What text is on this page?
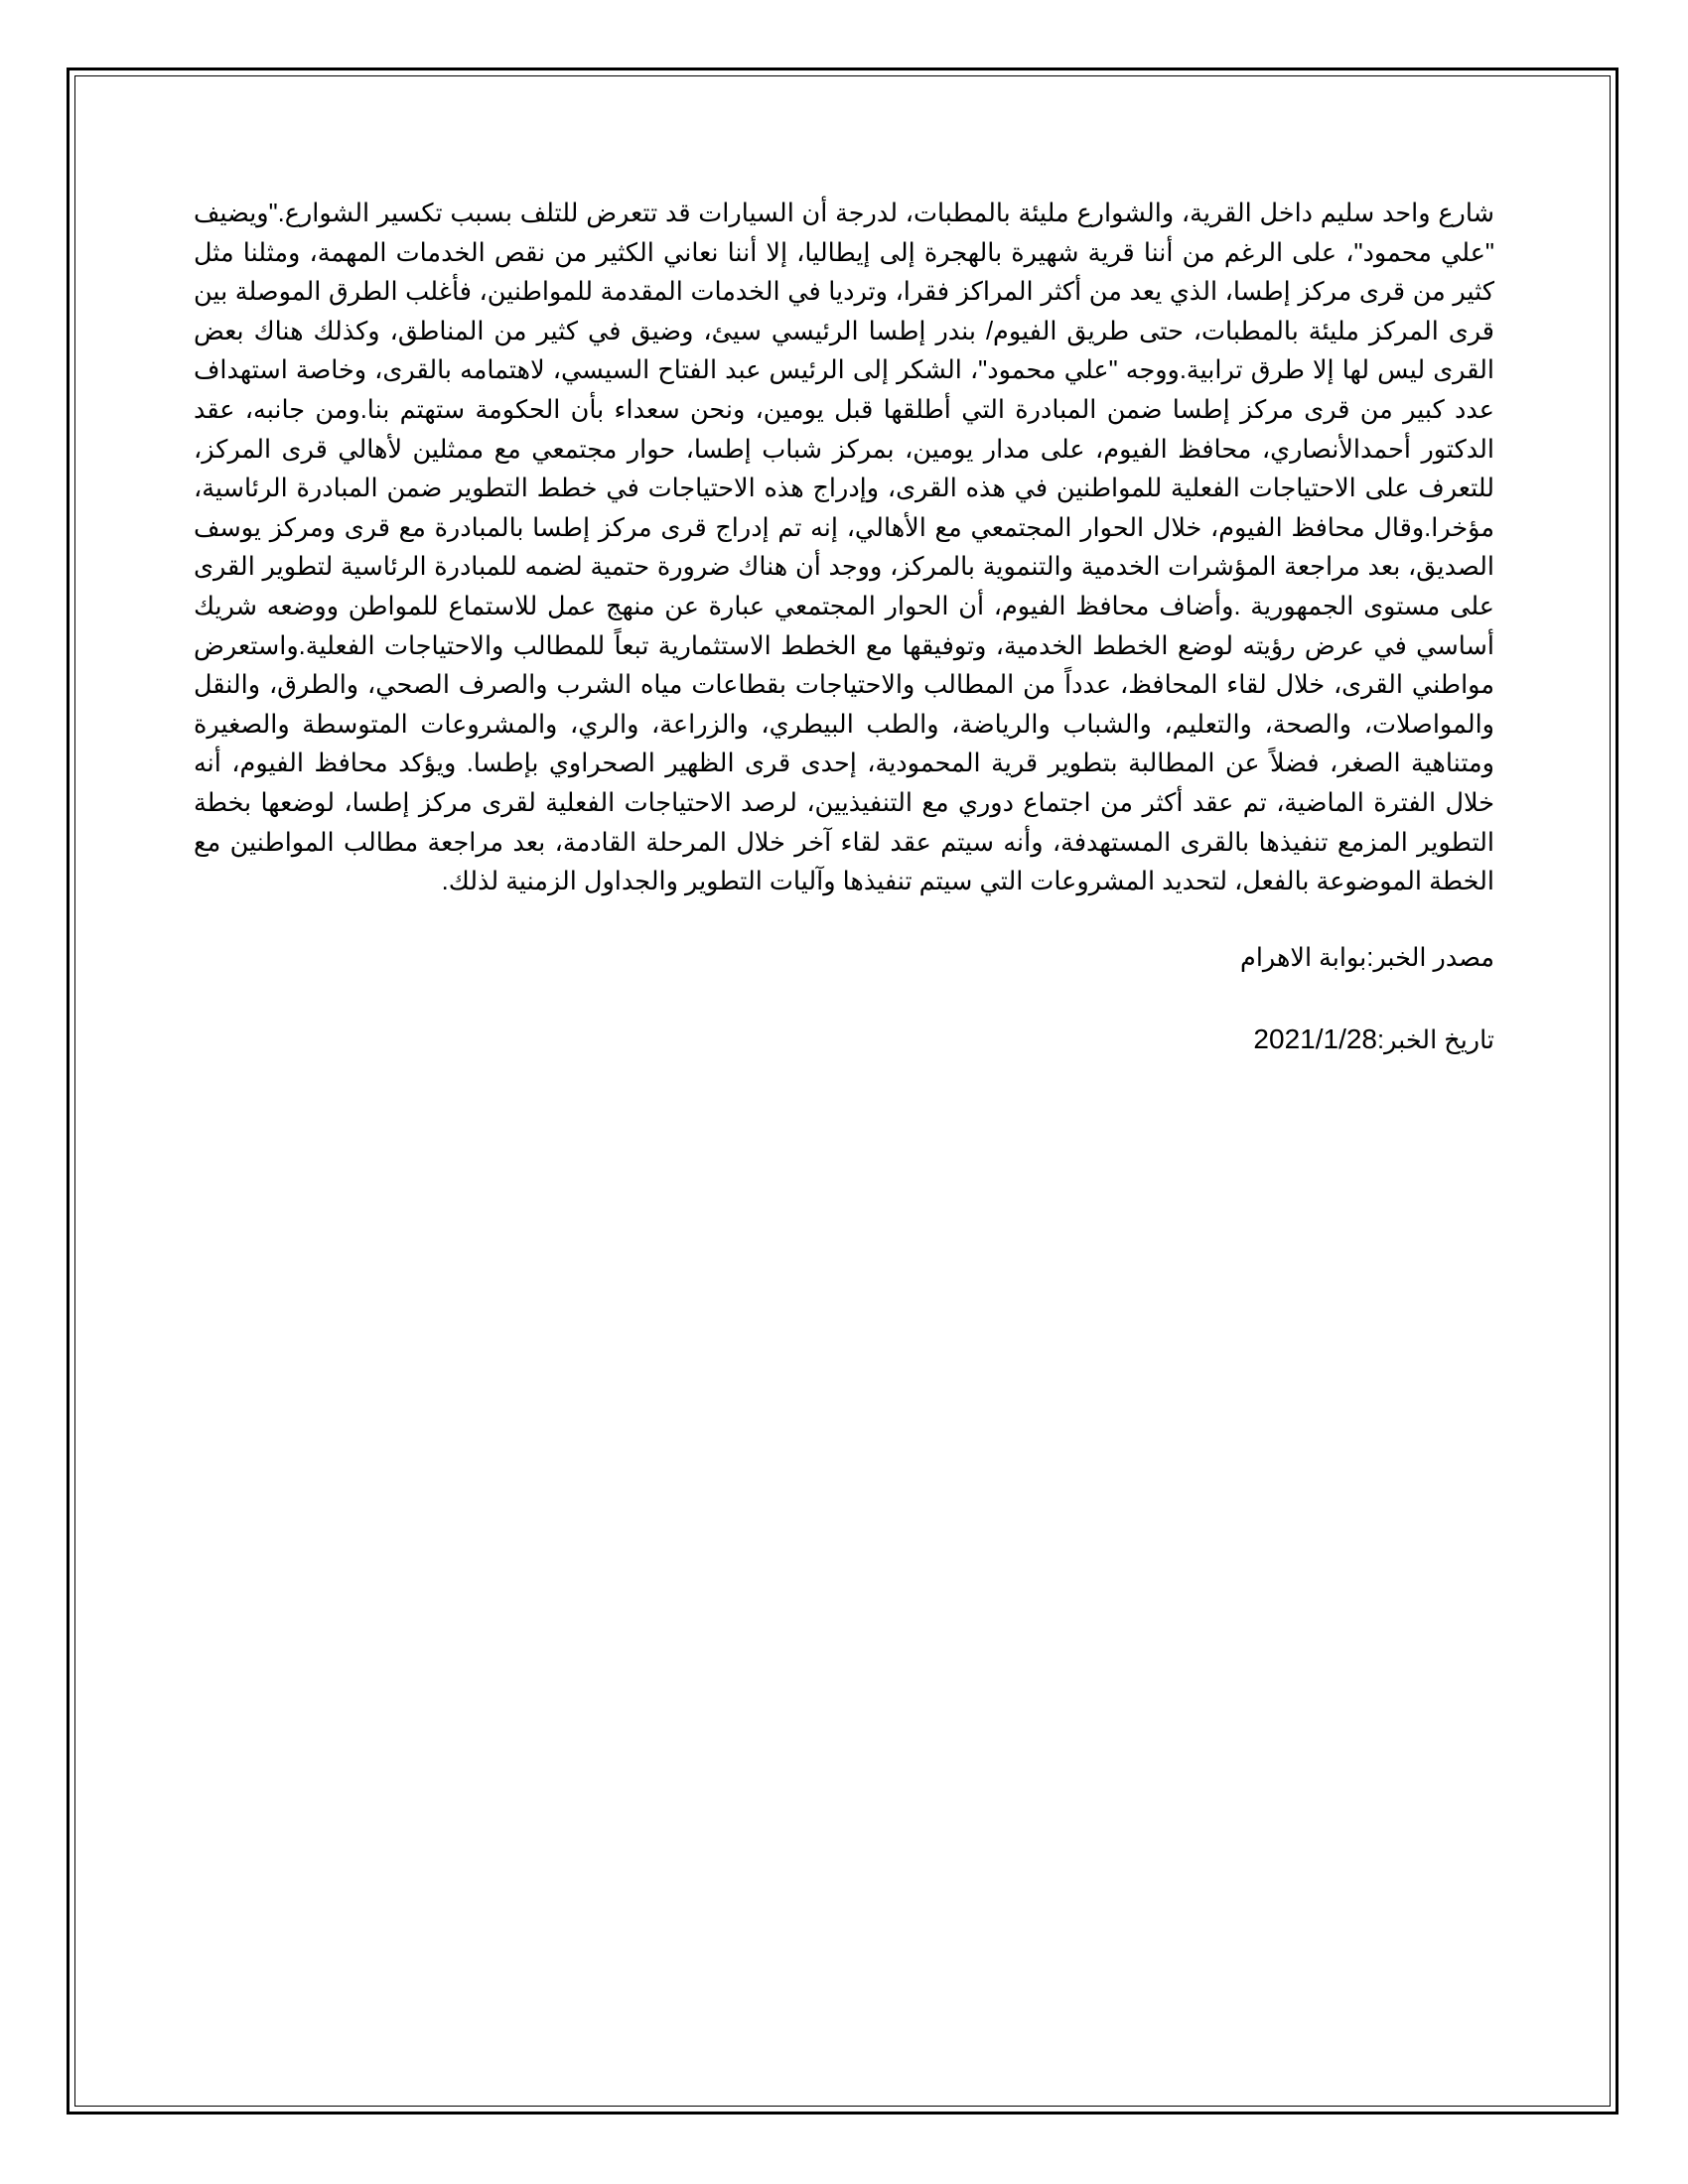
شارع واحد سليم داخل القرية، والشوارع مليئة بالمطبات، لدرجة أن السيارات قد تتعرض للتلف بسبب تكسير الشوارع."ويضيف "علي محمود"، على الرغم من أننا قرية شهيرة بالهجرة إلى إيطاليا، إلا أننا نعاني الكثير من نقص الخدمات المهمة، ومثلنا مثل كثير من قرى مركز إطسا، الذي يعد من أكثر المراكز فقرا، وترديا في الخدمات المقدمة للمواطنين، فأغلب الطرق الموصلة بين قرى المركز مليئة بالمطبات، حتى طريق الفيوم/ بندر إطسا الرئيسي سيئ، وضيق في كثير من المناطق، وكذلك هناك بعض القرى ليس لها إلا طرق ترابية.ووجه "علي محمود"، الشكر إلى الرئيس عبد الفتاح السيسي، لاهتمامه بالقرى، وخاصة استهداف عدد كبير من قرى مركز إطسا ضمن المبادرة التي أطلقها قبل يومين، ونحن سعداء بأن الحكومة ستهتم بنا.ومن جانبه، عقد الدكتور أحمدالأنصاري، محافظ الفيوم، على مدار يومين، بمركز شباب إطسا، حوار مجتمعي مع ممثلين لأهالي قرى المركز، للتعرف على الاحتياجات الفعلية للمواطنين في هذه القرى، وإدراج هذه الاحتياجات في خطط التطوير ضمن المبادرة الرئاسية، مؤخرا.وقال محافظ الفيوم، خلال الحوار المجتمعي مع الأهالي، إنه تم إدراج قرى مركز إطسا بالمبادرة مع قرى ومركز يوسف الصديق، بعد مراجعة المؤشرات الخدمية والتنموية بالمركز، ووجد أن هناك ضرورة حتمية لضمه للمبادرة الرئاسية لتطوير القرى على مستوى الجمهورية .وأضاف محافظ الفيوم، أن الحوار المجتمعي عبارة عن منهج عمل للاستماع للمواطن ووضعه شريك أساسي في عرض رؤيته لوضع الخطط الخدمية، وتوفيقها مع الخطط الاستثمارية تبعاً للمطالب والاحتياجات الفعلية.واستعرض مواطني القرى، خلال لقاء المحافظ، عدداً من المطالب والاحتياجات بقطاعات مياه الشرب والصرف الصحي، والطرق، والنقل والمواصلات، والصحة، والتعليم، والشباب والرياضة، والطب البيطري، والزراعة، والري، والمشروعات المتوسطة والصغيرة ومتناهية الصغر، فضلاً عن المطالبة بتطوير قرية المحمودية، إحدى قرى الظهير الصحراوي بإطسا. ويؤكد محافظ الفيوم، أنه خلال الفترة الماضية، تم عقد أكثر من اجتماع دوري مع التنفيذيين، لرصد الاحتياجات الفعلية لقرى مركز إطسا، لوضعها بخطة التطوير المزمع تنفيذها بالقرى المستهدفة، وأنه سيتم عقد لقاء آخر خلال المرحلة القادمة، بعد مراجعة مطالب المواطنين مع الخطة الموضوعة بالفعل، لتحديد المشروعات التي سيتم تنفيذها وآليات التطوير والجداول الزمنية لذلك.

مصدر الخبر:بوابة الاهرام

تاريخ الخبر:2021/1/28
